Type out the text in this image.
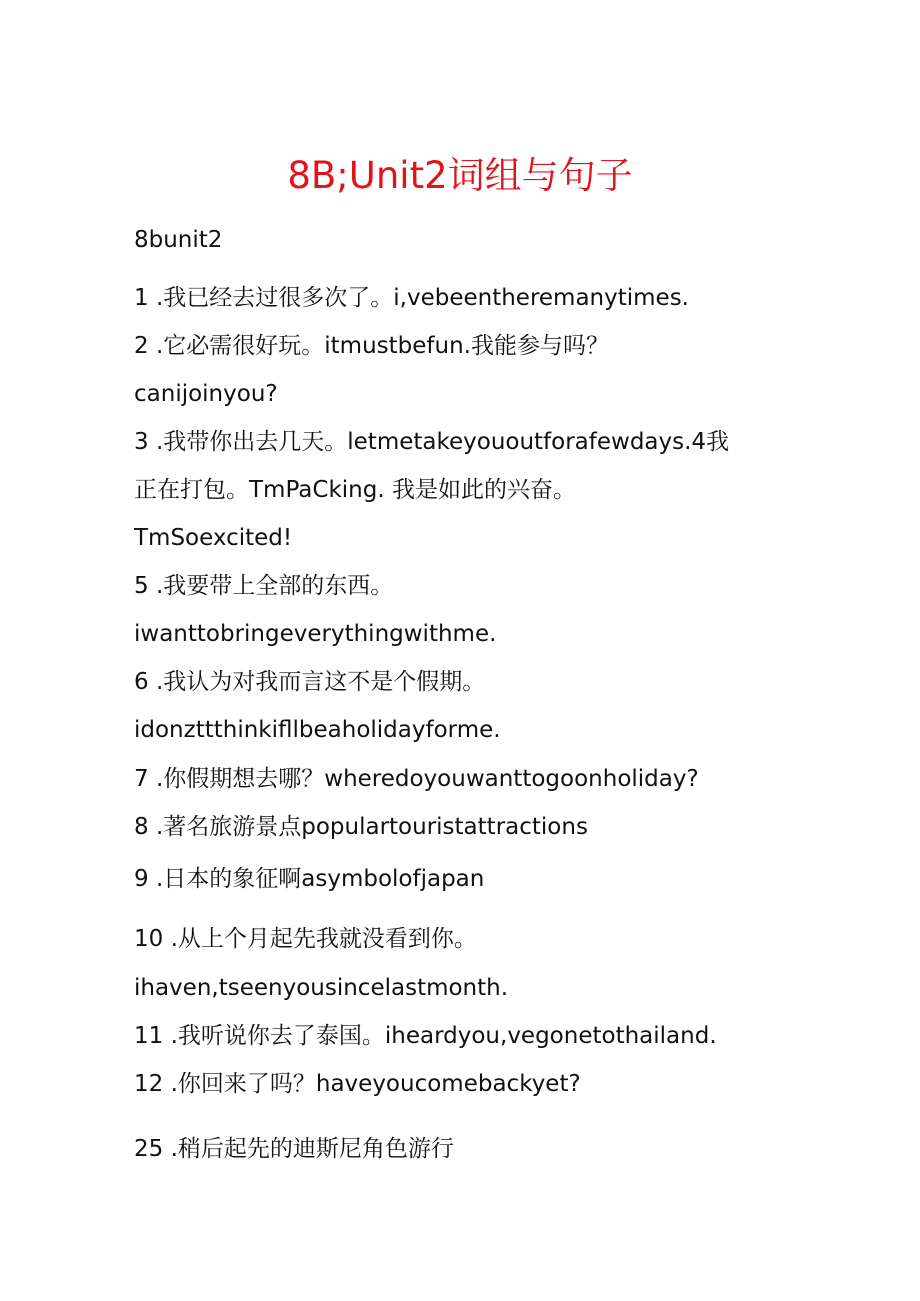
8B;Unit2词组与句子
8bunit2
1 .我已经去过很多次了。i,vebeentheremanytimes.
2 .它必需很好玩。itmustbefun.我能参与吗？
canijoinyou?
3 .我带你出去几天。letmetakeyououtforafewdays.4我
正在打包。TmPaCking. 我是如此的兴奋。
TmSoexcited!
5 .我要带上全部的东西。
iwanttobringeverythingwithme.
6 .我认为对我而言这不是个假期。
idonzttthinkifllbeaholidayforme.
7 .你假期想去哪？wheredoyouwanttogoonholiday?
8 .著名旅游景点populartouristattractions
9 .日本的象征啊asymbolofjapan
10 .从上个月起先我就没看到你。
ihaven,tseenyousincelastmonth.
11 .我听说你去了泰国。iheardyou,vegonetothailand.
12 .你回来了吗？haveyoucomebackyet?
25 .稍后起先的迪斯尼角色游行
